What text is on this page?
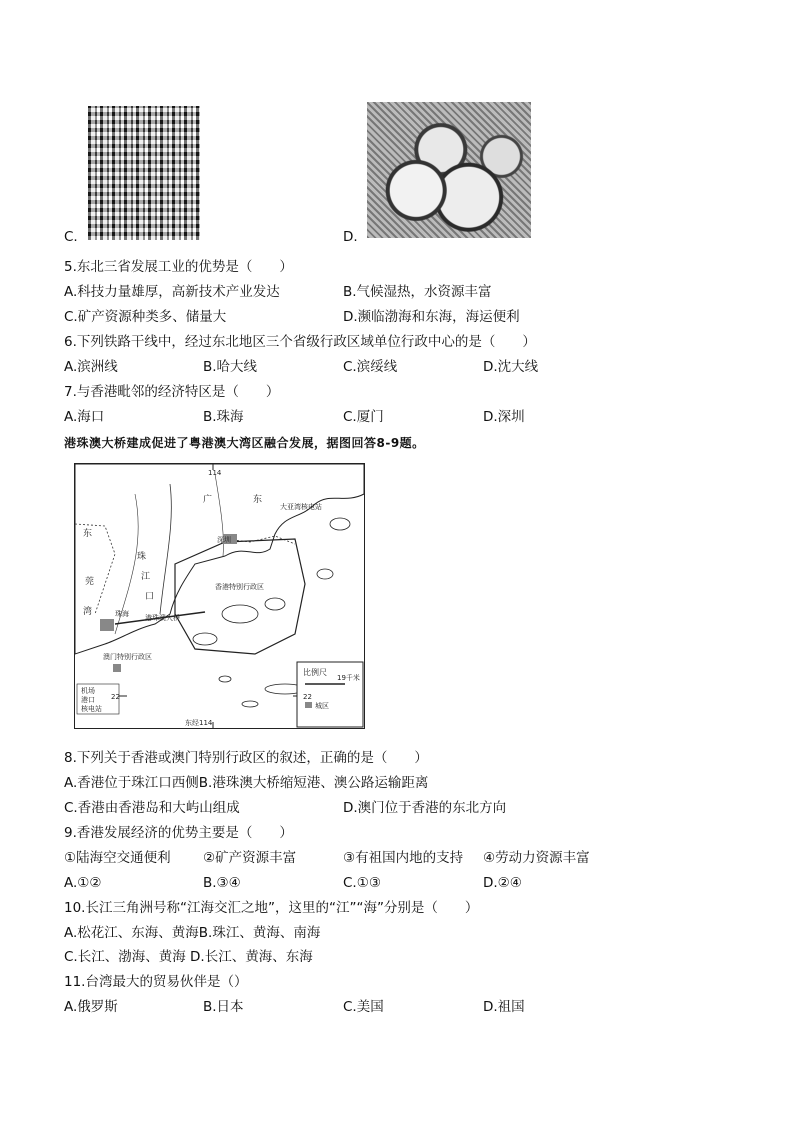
C.	D.
5.东北三省发展工业的优势是（　　）
A.科技力量雄厚，高新技术产业发达	B.气候湿热，水资源丰富
C.矿产资源种类多、储量大	D.濒临渤海和东海，海运便利
6.下列铁路干线中，经过东北地区三个省级行政区域单位行政中心的是（　　）
A.滨洲线	B.哈大线	C.滨绥线	D.沈大线
7.与香港毗邻的经济特区是（　　）
A.海口	B.珠海	C.厦门	D.深圳
港珠澳大桥建成促进了粤港澳大湾区融合发展，据图回答8-9题。
114
东经114
22	22
广	东
深圳
香港特别行政区
珠海
澳门特别行政区
港珠澳大桥
大亚湾核电站
珠
江
口
东
莞
湾
比例尺
19千米
城区
机场
港口
核电站
8.下列关于香港或澳门特别行政区的叙述，正确的是（　　）
A.香港位于珠江口西侧B.港珠澳大桥缩短港、澳公路运输距离
C.香港由香港岛和大屿山组成	D.澳门位于香港的东北方向
9.香港发展经济的优势主要是（　　）
①陆海空交通便利 ②矿产资源丰富	③有祖国内地的支持 ④劳动力资源丰富
A.①②	B.③④	C.①③	D.②④
10.长江三角洲号称“江海交汇之地”，这里的“江”“海”分别是（　　）
A.松花江、东海、黄海B.珠江、黄海、南海
C.长江、渤海、黄海 D.长江、黄海、东海
11.台湾最大的贸易伙伴是（）
A.俄罗斯	B.日本	C.美国	D.祖国
